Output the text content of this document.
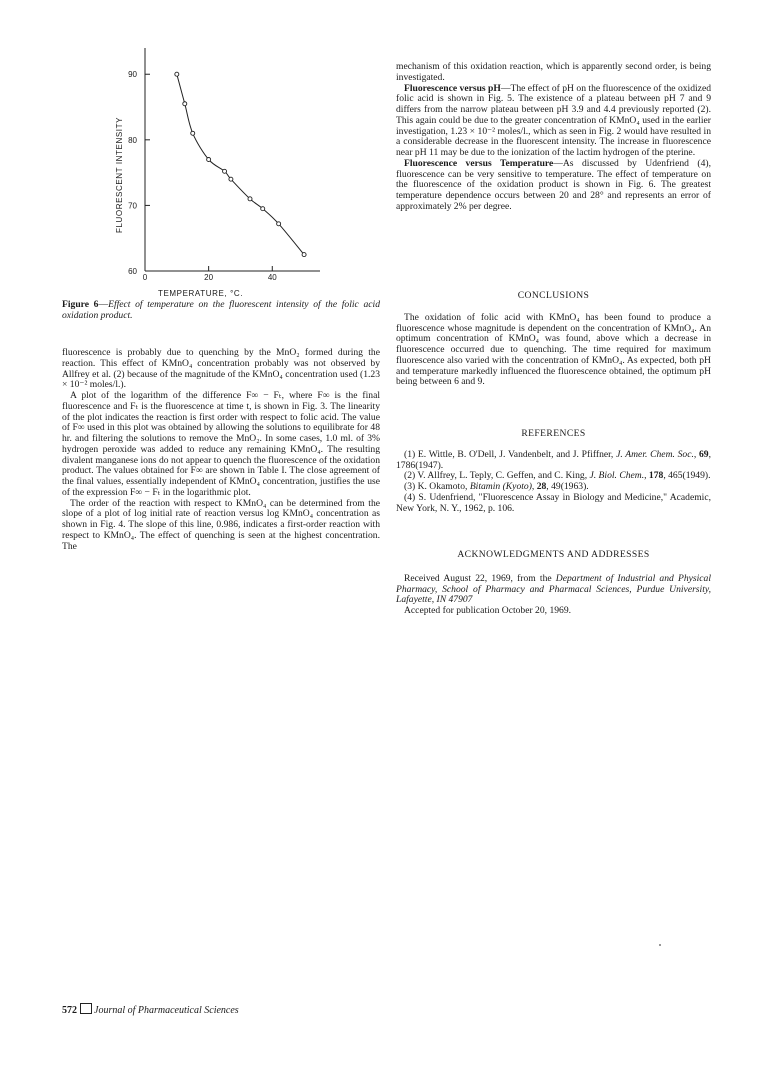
60
70
80
90
0	20	40
FLUORESCENT INTENSITY
TEMPERATURE, °C.
Figure 6—Effect of temperature on the fluorescent intensity of the folic acid oxidation product.

fluorescence is probably due to quenching by the MnO₂ formed during the reaction. This effect of KMnO₄ concentration probably was not observed by Allfrey et al. (2) because of the magnitude of the KMnO₄ concentration used (1.23 × 10⁻² moles/l.).

A plot of the logarithm of the difference F∞ − Fₜ, where F∞ is the final fluorescence and Fₜ is the fluorescence at time t, is shown in Fig. 3. The linearity of the plot indicates the reaction is first order with respect to folic acid. The value of F∞ used in this plot was obtained by allowing the solutions to equilibrate for 48 hr. and filtering the solutions to remove the MnO₂. In some cases, 1.0 ml. of 3% hydrogen peroxide was added to reduce any remaining KMnO₄. The resulting divalent manganese ions do not appear to quench the fluorescence of the oxidation product. The values obtained for F∞ are shown in Table I. The close agreement of the final values, essentially independent of KMnO₄ concentration, justifies the use of the expression F∞ − Fₜ in the logarithmic plot.

The order of the reaction with respect to KMnO₄ can be determined from the slope of a plot of log initial rate of reaction versus log KMnO₄ concentration as shown in Fig. 4. The slope of this line, 0.986, indicates a first-order reaction with respect to KMnO₄. The effect of quenching is seen at the highest concentration. The

mechanism of this oxidation reaction, which is apparently second order, is being investigated.

Fluorescence versus pH—The effect of pH on the fluorescence of the oxidized folic acid is shown in Fig. 5. The existence of a plateau between pH 7 and 9 differs from the narrow plateau between pH 3.9 and 4.4 previously reported (2). This again could be due to the greater concentration of KMnO₄ used in the earlier investigation, 1.23 × 10⁻² moles/l., which as seen in Fig. 2 would have resulted in a considerable decrease in the fluorescent intensity. The increase in fluorescence near pH 11 may be due to the ionization of the lactim hydrogen of the pterine.

Fluorescence versus Temperature—As discussed by Udenfriend (4), fluorescence can be very sensitive to temperature. The effect of temperature on the fluorescence of the oxidation product is shown in Fig. 6. The greatest temperature dependence occurs between 20 and 28° and represents an error of approximately 2% per degree.

CONCLUSIONS

The oxidation of folic acid with KMnO₄ has been found to produce a fluorescence whose magnitude is dependent on the concentration of KMnO₄. An optimum concentration of KMnO₄ was found, above which a decrease in fluorescence occurred due to quenching. The time required for maximum fluorescence also varied with the concentration of KMnO₄. As expected, both pH and temperature markedly influenced the fluorescence obtained, the optimum pH being between 6 and 9.

REFERENCES

(1) E. Wittle, B. O'Dell, J. Vandenbelt, and J. Pfiffner, J. Amer. Chem. Soc., 69, 1786(1947).

(2) V. Allfrey, L. Teply, C. Geffen, and C. King, J. Biol. Chem., 178, 465(1949).

(3) K. Okamoto, Bitamin (Kyoto), 28, 49(1963).

(4) S. Udenfriend, "Fluorescence Assay in Biology and Medicine," Academic, New York, N. Y., 1962, p. 106.

ACKNOWLEDGMENTS AND ADDRESSES

Received August 22, 1969, from the Department of Industrial and Physical Pharmacy, School of Pharmacy and Pharmacal Sciences, Purdue University, Lafayette, IN 47907

Accepted for publication October 20, 1969.

572 Journal of Pharmaceutical Sciences
